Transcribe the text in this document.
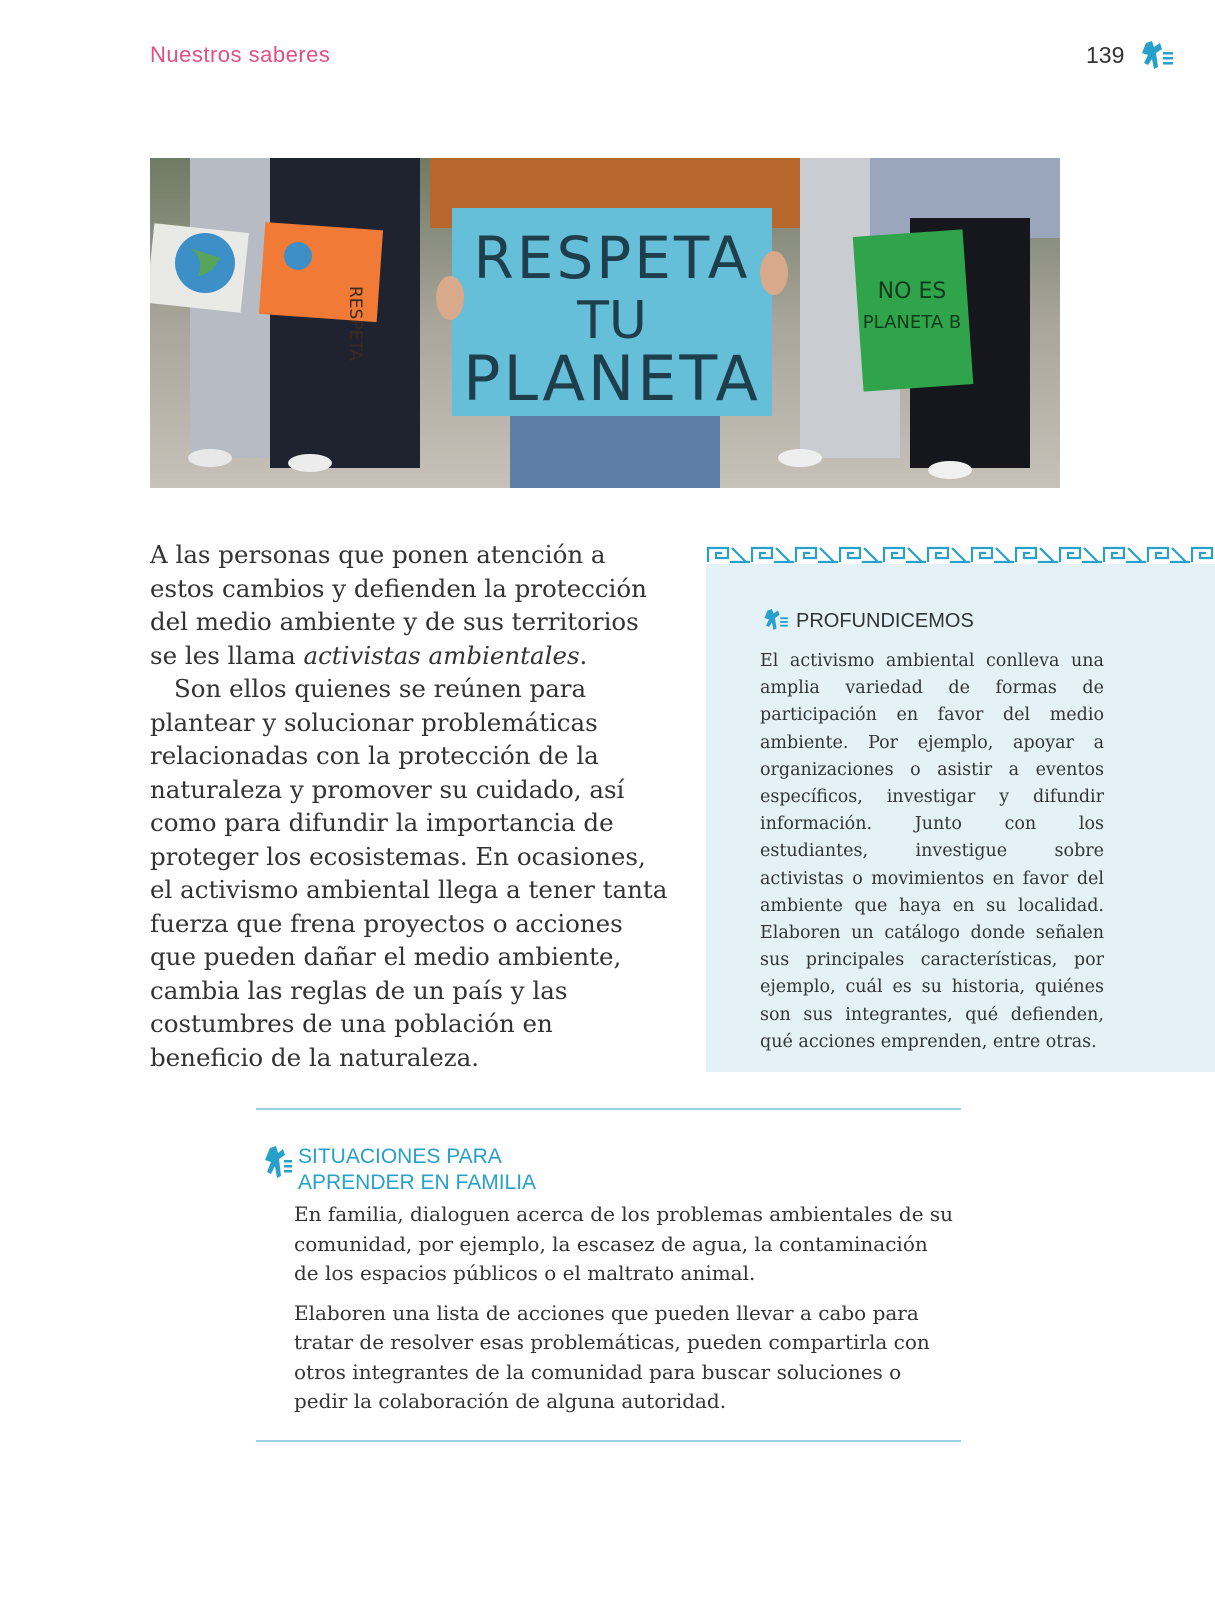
Nuestros saberes	139
RESPETA
RESPETA
TU
PLANETA
NO ES
PLANETA B

A las personas que ponen atención a estos cambios y defienden la protección del medio ambiente y de sus territorios se les llama activistas ambientales.

Son ellos quienes se reúnen para plantear y solucionar problemáticas relacionadas con la protección de la naturaleza y promover su cuidado, así como para difundir la importancia de proteger los ecosistemas. En ocasiones, el activismo ambiental llega a tener tanta fuerza que frena proyectos o acciones que pueden dañar el medio ambiente, cambia las reglas de un país y las costumbres de una población en beneficio de la naturaleza.

PROFUNDICEMOS
El activismo ambiental conlleva una amplia variedad de formas de participación en favor del medio ambiente. Por ejemplo, apoyar a organizaciones o asistir a eventos específicos, investigar y difundir información. Junto con los estudiantes, investigue sobre activistas o movimientos en favor del ambiente que haya en su localidad. Elaboren un catálogo donde señalen sus principales características, por ejemplo, cuál es su historia, quiénes son sus integrantes, qué defienden, qué acciones emprenden, entre otras.
SITUACIONES PARA
APRENDER EN FAMILIA

En familia, dialoguen acerca de los problemas ambientales de su comunidad, por ejemplo, la escasez de agua, la contaminación de los espacios públicos o el maltrato animal.

Elaboren una lista de acciones que pueden llevar a cabo para tratar de resolver esas problemáticas, pueden compartirla con otros integrantes de la comunidad para buscar soluciones o pedir la colaboración de alguna autoridad.
